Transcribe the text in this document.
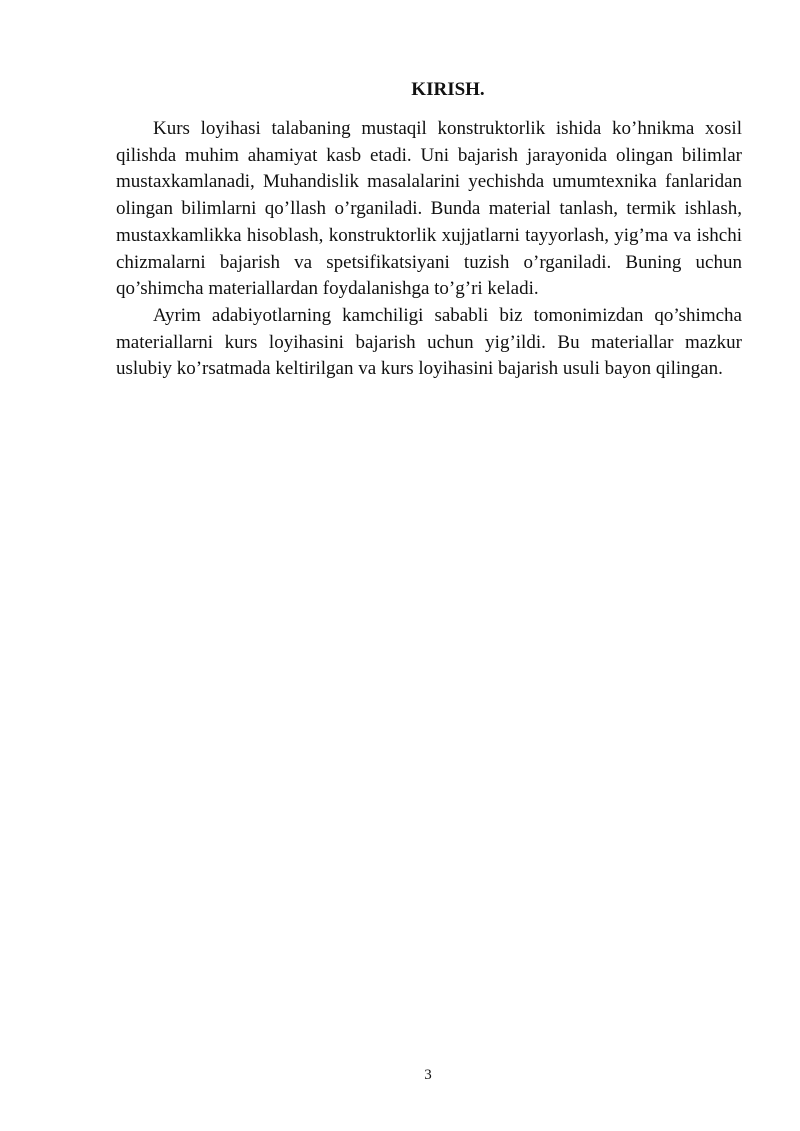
KIRISH.

Kurs loyihasi talabaning mustaqil konstruktorlik ishida ko’hnikma xosil qilishda muhim ahamiyat kasb etadi. Uni bajarish jarayonida olingan bilimlar mustaxkamlanadi, Muhandislik masalalarini yechishda umumtexnika fanlaridan olingan bilimlarni qo’llash o’rganiladi. Bunda material tanlash, termik ishlash, mustaxkamlikka hisoblash, konstruktorlik xujjatlarni tayyorlash, yig’ma va ishchi chizmalarni bajarish va spetsifikatsiyani tuzish o’rganiladi. Buning uchun qo’shimcha materiallardan foydalanishga to’g’ri keladi.

Ayrim adabiyotlarning kamchiligi sababli biz tomonimizdan qo’shimcha materiallarni kurs loyihasini bajarish uchun yig’ildi. Bu materiallar mazkur uslubiy ko’rsatmada keltirilgan va kurs loyihasini bajarish usuli bayon qilingan.

3
